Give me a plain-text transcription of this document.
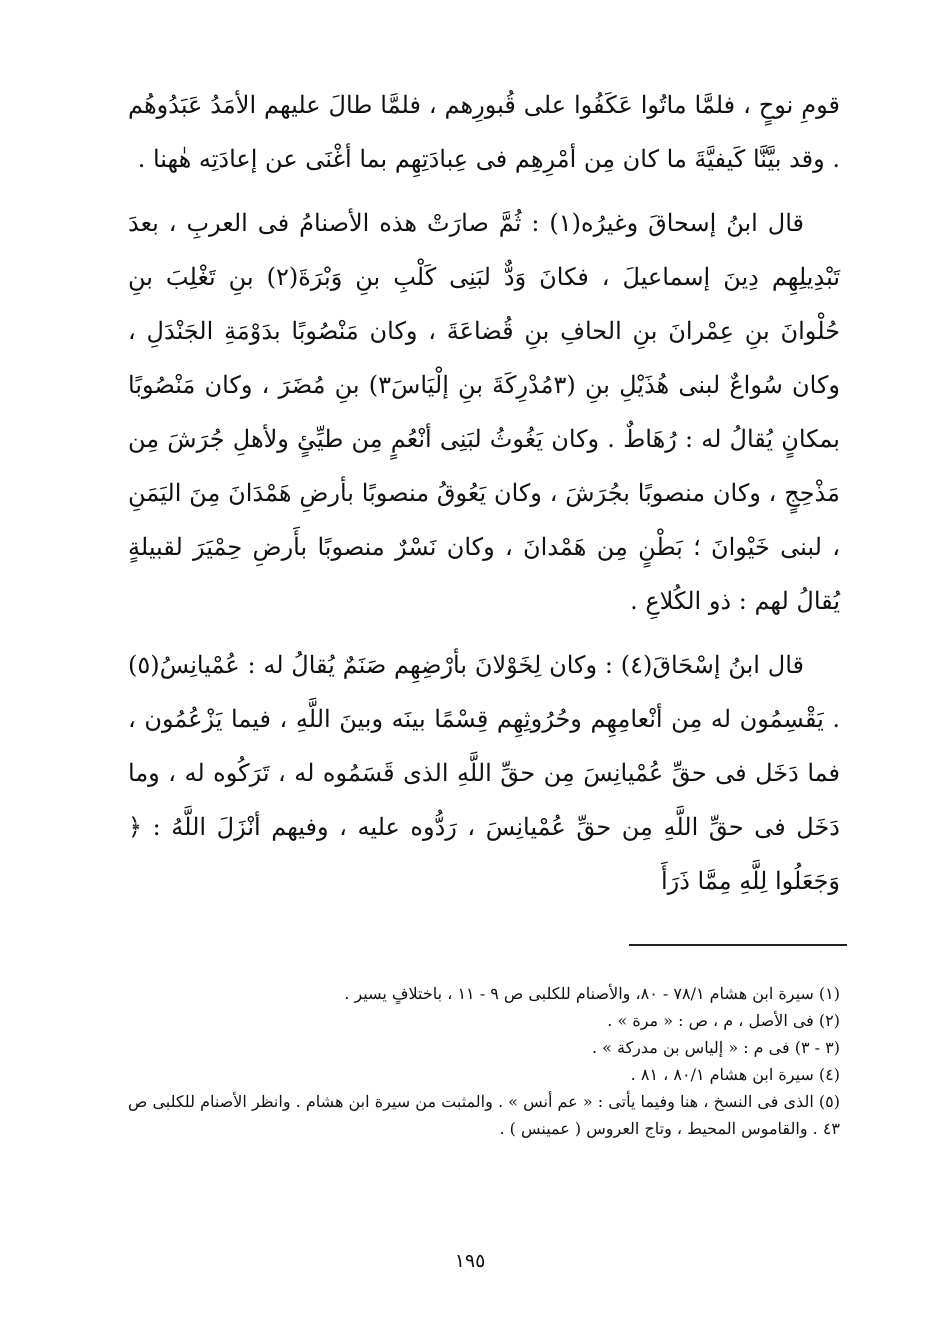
قومِ نوحٍ ، فلمَّا ماتُوا عَكَفُوا على قُبورِهم ، فلمَّا طالَ عليهم الأمَدُ عَبَدُوهُم . وقد بيَّنَّا كَيفيَّةَ ما كان مِن أمْرِهِم فى عِبادَتِهِم بما أغْنَى عن إعادَتِه هٰهنا .

قال ابنُ إسحاقَ وغيرُه(١) : ثُمَّ صارَتْ هذه الأصنامُ فى العربِ ، بعدَ تَبْدِيلِهِم دِينَ إسماعيلَ ، فكانَ وَدٌّ لبَنِى كَلْبِ بنِ وَبْرَةَ(٢) بنِ تَغْلِبَ بنِ حُلْوانَ بنِ عِمْرانَ بنِ الحافِ بنِ قُضاعَةَ ، وكان مَنْصُوبًا بدَوْمَةِ الجَنْدَلِ ، وكان سُواعٌ لبنى هُذَيْلِ بنِ (٣مُدْرِكَةَ بنِ إلْيَاسَ٣) بنِ مُضَرَ ، وكان مَنْصُوبًا بمكانٍ يُقالُ له : رُهَاطٌ . وكان يَغُوثُ لبَنِى أنْعُمٍ مِن طيِّئٍ ولأهلِ جُرَشَ مِن مَذْحِجٍ ، وكان منصوبًا بجُرَشَ ، وكان يَعُوقُ منصوبًا بأرضِ هَمْدَانَ مِنَ اليَمَنِ ، لبنى خَيْوانَ ؛ بَطْنٍ مِن هَمْدانَ ، وكان نَسْرٌ منصوبًا بأَرضِ حِمْيَرَ لقبيلةٍ يُقالُ لهم : ذو الكُلاعِ .

قال ابنُ إسْحَاقَ(٤) : وكان لِخَوْلانَ بأرْضِهِم صَنَمٌ يُقالُ له : عُمْيانِسُ(٥) . يَقْسِمُون له مِن أنْعامِهِم وحُرُوثِهِم قِسْمًا بينَه وبينَ اللَّهِ ، فيما يَزْعُمُون ، فما دَخَل فى حقِّ عُمْيانِسَ مِن حقِّ اللَّهِ الذى قَسَمُوه له ، تَرَكُوه له ، وما دَخَل فى حقِّ اللَّهِ مِن حقِّ عُمْيانِسَ ، رَدُّوه عليه ، وفيهم أنْزَلَ اللَّهُ : ﴿ وَجَعَلُوا لِلَّهِ مِمَّا ذَرَأَ

(١) سيرة ابن هشام ٧٨/١ - ٨٠، والأصنام للكلبى ص ٩ - ١١ ، باختلافٍ يسير .
(٢) فى الأصل ، م ، ص : « مرة » .
(٣ - ٣) فى م : « إلياس بن مدركة » .
(٤) سيرة ابن هشام ٨٠/١ ، ٨١ .
(٥) الذى فى النسخ ، هنا وفيما يأتى : « عم أنس » . والمثبت من سيرة ابن هشام . وانظر الأصنام للكلبى ص ٤٣ . والقاموس المحيط ، وتاج العروس ( عمينس ) .
١٩٥
